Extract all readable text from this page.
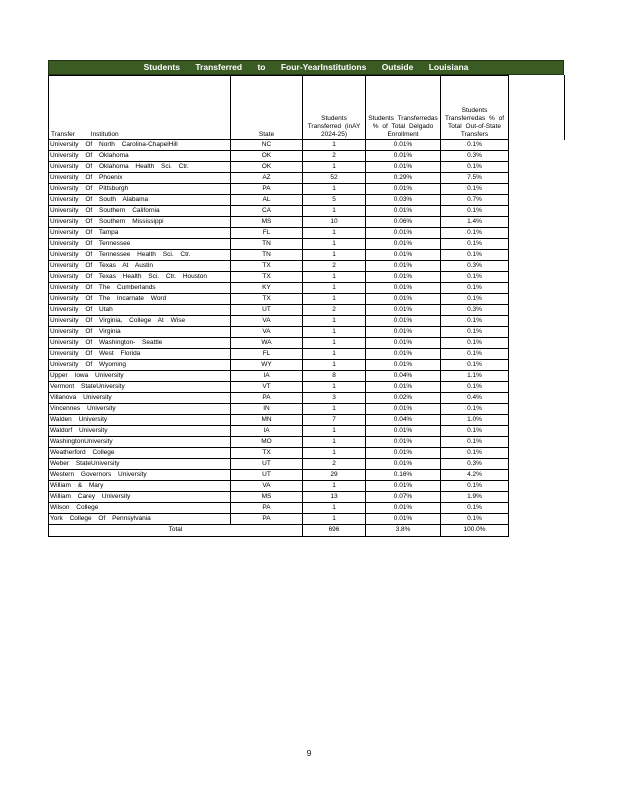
Students Transferred to Four-YearInstitutions Outside Louisiana
Transfer Institution	State	Students Transferred (inAY 2024-25)	Students Transferredas % of Total Delgado Enrollment	Students Transferredas % of Total Out-of-State Transfers
University Of North Carolina-ChapelHill	NC	1	0.01%	0.1%
University Of Oklahoma	OK	2	0.01%	0.3%
University Of Oklahoma Health Sci. Ctr.	OK	1	0.01%	0.1%
University Of Phoenix	AZ	52	0.29%	7.5%
University Of Pittsburgh	PA	1	0.01%	0.1%
University Of South Alabama	AL	5	0.03%	0.7%
University Of Southern California	CA	1	0.01%	0.1%
University Of Southern Mississippi	MS	10	0.06%	1.4%
University Of Tampa	FL	1	0.01%	0.1%
University Of Tennessee	TN	1	0.01%	0.1%
University Of Tennessee Health Sci. Ctr.	TN	1	0.01%	0.1%
University Of Texas At Austin	TX	2	0.01%	0.3%
University Of Texas Health Sci. Ctr. Houston	TX	1	0.01%	0.1%
University Of The Cumberlands	KY	1	0.01%	0.1%
University Of The Incarnate Word	TX	1	0.01%	0.1%
University Of Utah	UT	2	0.01%	0.3%
University Of Virginia, College At Wise	VA	1	0.01%	0.1%
University Of Virginia	VA	1	0.01%	0.1%
University Of Washington- Seattle	WA	1	0.01%	0.1%
University Of West Florida	FL	1	0.01%	0.1%
University Of Wyoming	WY	1	0.01%	0.1%
Upper Iowa University	IA	8	0.04%	1.1%
Vermont StateUniversity	VT	1	0.01%	0.1%
Villanova University	PA	3	0.02%	0.4%
Vincennes University	IN	1	0.01%	0.1%
Walden University	MN	7	0.04%	1.0%
Waldorf University	IA	1	0.01%	0.1%
WashingtonUniversity	MO	1	0.01%	0.1%
Weatherford College	TX	1	0.01%	0.1%
Weber StateUniversity	UT	2	0.01%	0.3%
Western Governors University	UT	29	0.16%	4.2%
William & Mary	VA	1	0.01%	0.1%
William Carey University	MS	13	0.07%	1.9%
Wilson College	PA	1	0.01%	0.1%
York College Of Pennsylvania	PA	1	0.01%	0.1%
Total		696	3.8%	100.0%
9
